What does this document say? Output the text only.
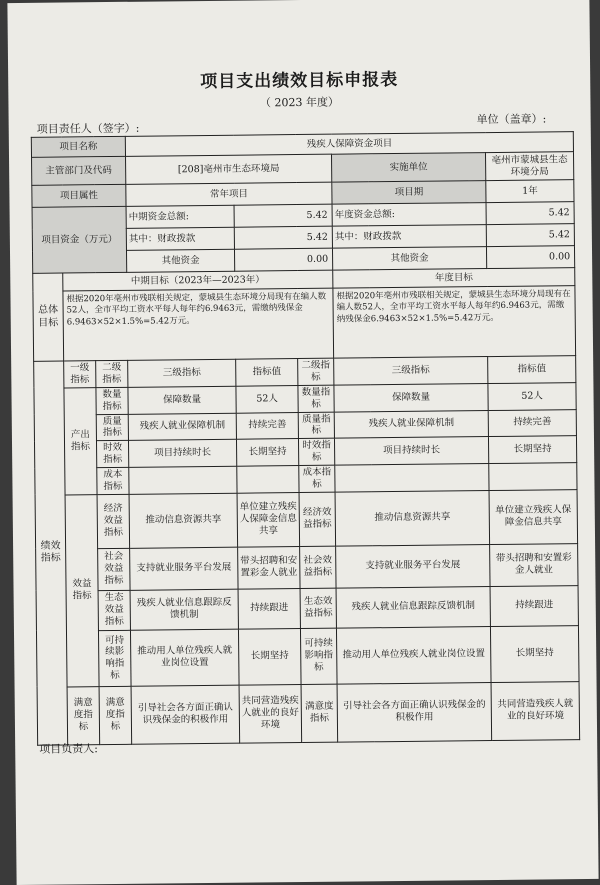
项目支出绩效目标申报表
（ 2023 年度）
项目责任人（签字）:
单位（盖章）:
项目名称			残疾人保障资金项目				
主管部门及代码			[208]亳州市生态环境局			实施单位	亳州市蒙城县生态环境分局
项目属性			常年项目			项目期	1年
项目资金（万元）			中期资金总额:	5.42		年度资金总额:	5.42
			其中：财政拨款	5.42		其中：财政拨款	5.42
			其他资金	0.00		其他资金	0.00
总体目标	中期目标（2023年—2023年）					年度目标	
	根据2020年亳州市残联相关规定，蒙城县生态环境分局现有在编人数52人，全市平均工资水平每人每年约6.9463元，需缴纳残保金6.9463×52×1.5%=5.42万元。					根据2020年亳州市残联相关规定，蒙城县生态环境分局现有在编人数52人，全市平均工资水平每人每年约6.9463元，需缴纳残保金6.9463×52×1.5%=5.42万元。	
绩效指标	一级指标	二级指标	三级指标	指标值	二级指标	三级指标	指标值
	产出指标	数量指标	保障数量	52人	数量指标	保障数量	52人
		质量指标	残疾人就业保障机制	持续完善	质量指标	残疾人就业保障机制	持续完善
		时效指标	项目持续时长	长期坚持	时效指标	项目持续时长	长期坚持
		成本指标			成本指标		
	效益指标	经济效益指标	推动信息资源共享	单位建立残疾人保障金信息共享	经济效益指标	推动信息资源共享	单位建立残疾人保障金信息共享
		社会效益指标	支持就业服务平台发展	带头招聘和安置彩金人就业	社会效益指标	支持就业服务平台发展	带头招聘和安置彩金人就业
		生态效益指标	残疾人就业信息跟踪反馈机制	持续跟进	生态效益指标	残疾人就业信息跟踪反馈机制	持续跟进
		可持续影响指标	推动用人单位残疾人就业岗位设置	长期坚持	可持续影响指标	推动用人单位残疾人就业岗位设置	长期坚持
	满意度指标	满意度指标	引导社会各方面正确认识残保金的积极作用	共同营造残疾人就业的良好环境	满意度指标	引导社会各方面正确认识残保金的积极作用	共同营造残疾人就业的良好环境
项目负责人:
